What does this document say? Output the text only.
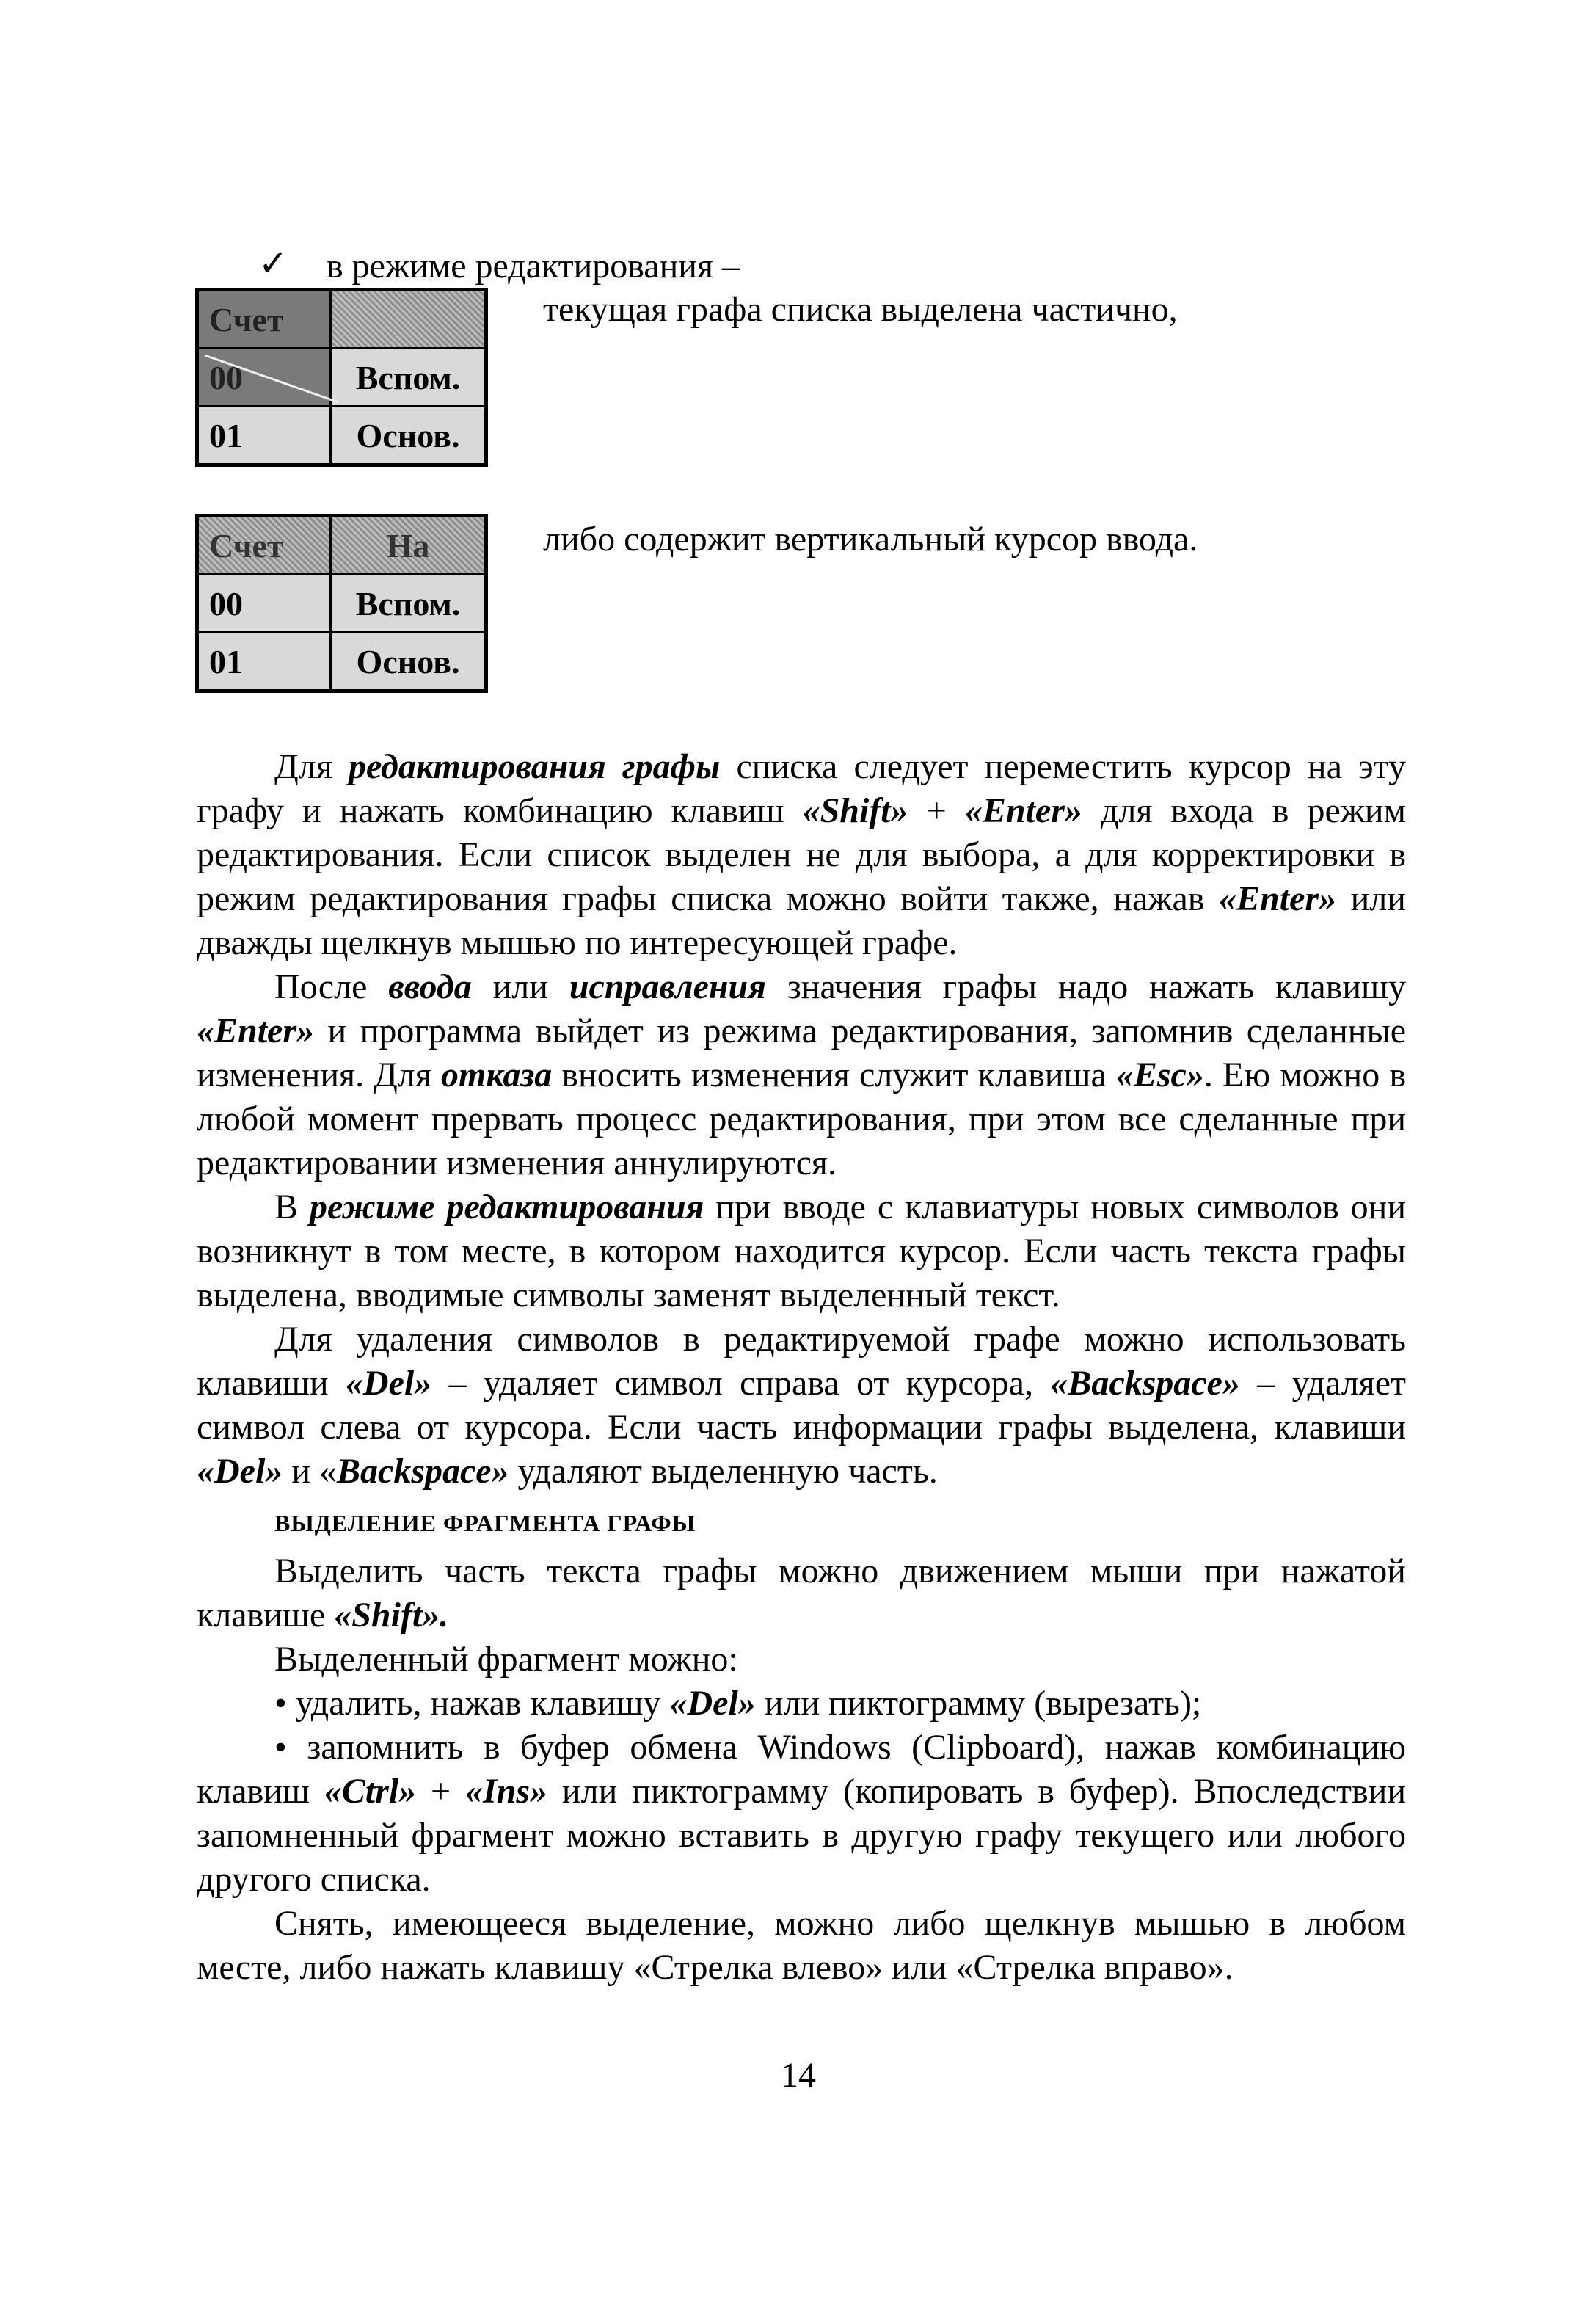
✓ в режиме редактирования –
Счет	
00	Вспом.
01	Основ.
текущая графа списка выделена частично,
Счет	На
00	Вспом.
01	Основ.
либо содержит вертикальный курсор ввода.

Для редактирования графы списка следует переместить курсор на эту графу и нажать комбинацию клавиш «Shift» + «Enter» для входа в режим редактирования. Если список выделен не для выбора, а для корректировки в режим редактирования графы списка можно войти также, нажав «Enter» или дважды щелкнув мышью по интересующей графе.

После ввода или исправления значения графы надо нажать клавишу «Enter» и программа выйдет из режима редактирования, запомнив сделанные изменения. Для отказа вносить изменения служит клавиша «Esc». Ею можно в любой момент прервать процесс редактирования, при этом все сделанные при редактировании изменения аннулируются.

В режиме редактирования при вводе с клавиатуры новых символов они возникнут в том месте, в котором находится курсор. Если часть текста графы выделена, вводимые символы заменят выделенный текст.

Для удаления символов в редактируемой графе можно использовать клавиши «Del» – удаляет символ справа от курсора, «Backspace» – удаляет символ слева от курсора. Если часть информации графы выделена, клавиши «Del» и «Backspace» удаляют выделенную часть.

ВЫДЕЛЕНИЕ ФРАГМЕНТА ГРАФЫ

Выделить часть текста графы можно движением мыши при нажатой клавише «Shift».

Выделенный фрагмент можно:

• удалить, нажав клавишу «Del» или пиктограмму (вырезать);

• запомнить в буфер обмена Windows (Clipboard), нажав комбинацию клавиш «Ctrl» + «Ins» или пиктограмму (копировать в буфер). Впоследствии запомненный фрагмент можно вставить в другую графу текущего или любого другого списка.

Снять, имеющееся выделение, можно либо щелкнув мышью в любом месте, либо нажать клавишу «Стрелка влево» или «Стрелка вправо».

14
